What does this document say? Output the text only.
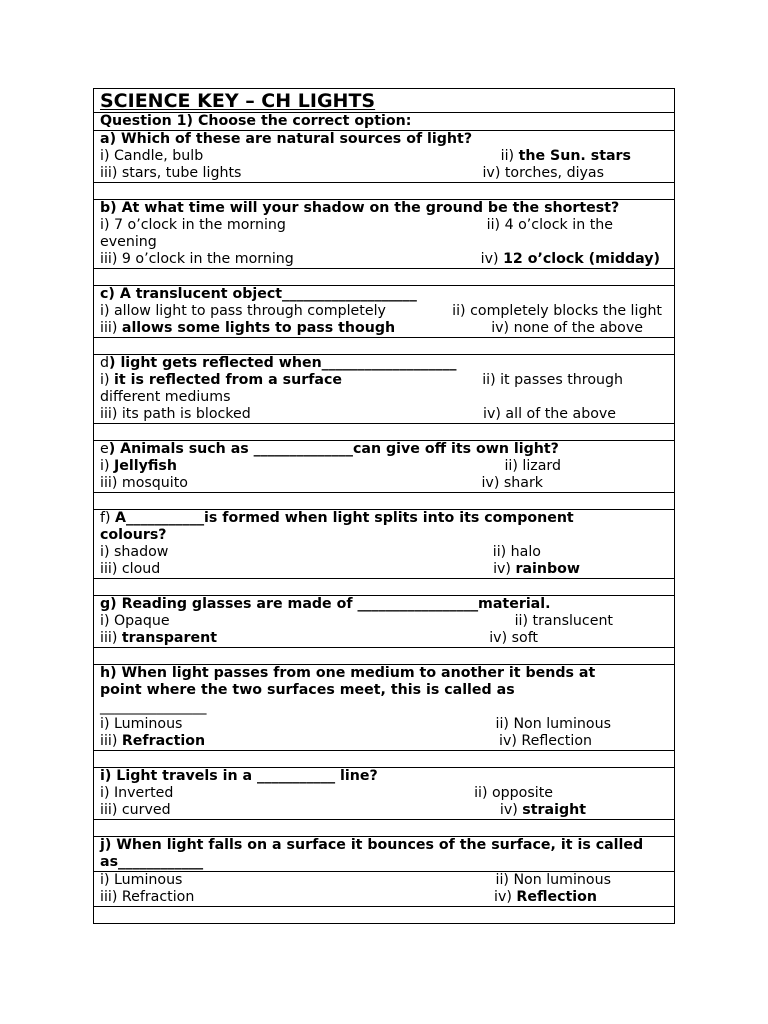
SCIENCE KEY – CH LIGHTS
Question 1) Choose the correct option:
a) Which of these are natural sources of light?
i) Candle, bulb	ii) the Sun. stars
iii) stars, tube lights	iv) torches, diyas
b) At what time will your shadow on the ground be the shortest?
i) 7 o’clock in the morning	ii) 4 o’clock in the
evening
iii) 9 o’clock in the morning	iv) 12 o’clock (midday)
c) A translucent object___________________
i) allow light to pass through completely	ii) completely blocks the light
iii) allows some lights to pass though	iv) none of the above
d) light gets reflected when___________________
i) it is reflected from a surface	ii) it passes through
different mediums
iii) its path is blocked	iv) all of the above
e) Animals such as ______________can give off its own light?
i) Jellyfish	ii) lizard
iii) mosquito	iv) shark
f) A___________is formed when light splits into its component
colours?
i) shadow	ii) halo
iii) cloud	iv) rainbow
g) Reading glasses are made of _________________material.
i) Opaque	ii) translucent
iii) transparent	iv) soft
h) When light passes from one medium to another it bends at
point where the two surfaces meet, this is called as
_______________
i) Luminous	ii) Non luminous
iii) Refraction	iv) Reflection
i) Light travels in a ___________ line?
i) Inverted	ii) opposite
iii) curved	iv) straight
j) When light falls on a surface it bounces of the surface, it is called
as____________
i) Luminous	ii) Non luminous
iii) Refraction	iv) Reflection
